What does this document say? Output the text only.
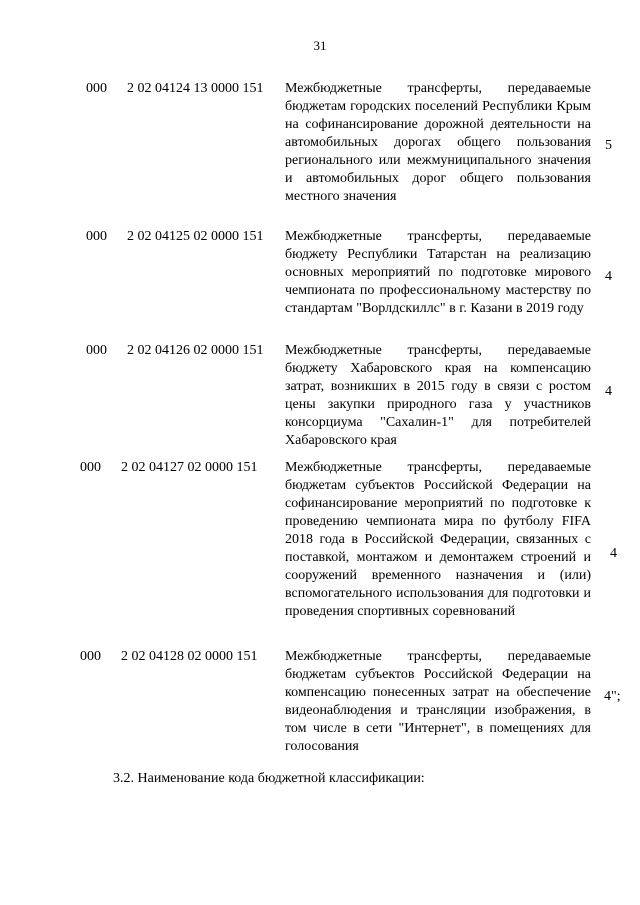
31
000 2 02 04124 13 0000 151 Межбюджетные трансферты, передаваемые бюджетам городских поселений Республики Крым на софинансирование дорожной деятельности на автомобильных дорогах общего пользования регионального или межмуниципального значения и автомобильных дорог общего пользования местного значения
5
000 2 02 04125 02 0000 151 Межбюджетные трансферты, передаваемые бюджету Республики Татарстан на реализацию основных мероприятий по подготовке мирового чемпионата по профессиональному мастерству по стандартам "Ворлдскиллс" в г. Казани в 2019 году
4
000 2 02 04126 02 0000 151 Межбюджетные трансферты, передаваемые бюджету Хабаровского края на компенсацию затрат, возникших в 2015 году в связи с ростом цены закупки природного газа у участников консорциума "Сахалин-1" для потребителей Хабаровского края
4
000 2 02 04127 02 0000 151 Межбюджетные трансферты, передаваемые бюджетам субъектов Российской Федерации на софинансирование мероприятий по подготовке к проведению чемпионата мира по футболу FIFA 2018 года в Российской Федерации, связанных с поставкой, монтажом и демонтажем строений и сооружений временного назначения и (или) вспомогательного использования для подготовки и проведения спортивных соревнований
4
000 2 02 04128 02 0000 151 Межбюджетные трансферты, передаваемые бюджетам субъектов Российской Федерации на компенсацию понесенных затрат на обеспечение видеонаблюдения и трансляции изображения, в том числе в сети "Интернет", в помещениях для голосования
4";
3.2. Наименование кода бюджетной классификации:
